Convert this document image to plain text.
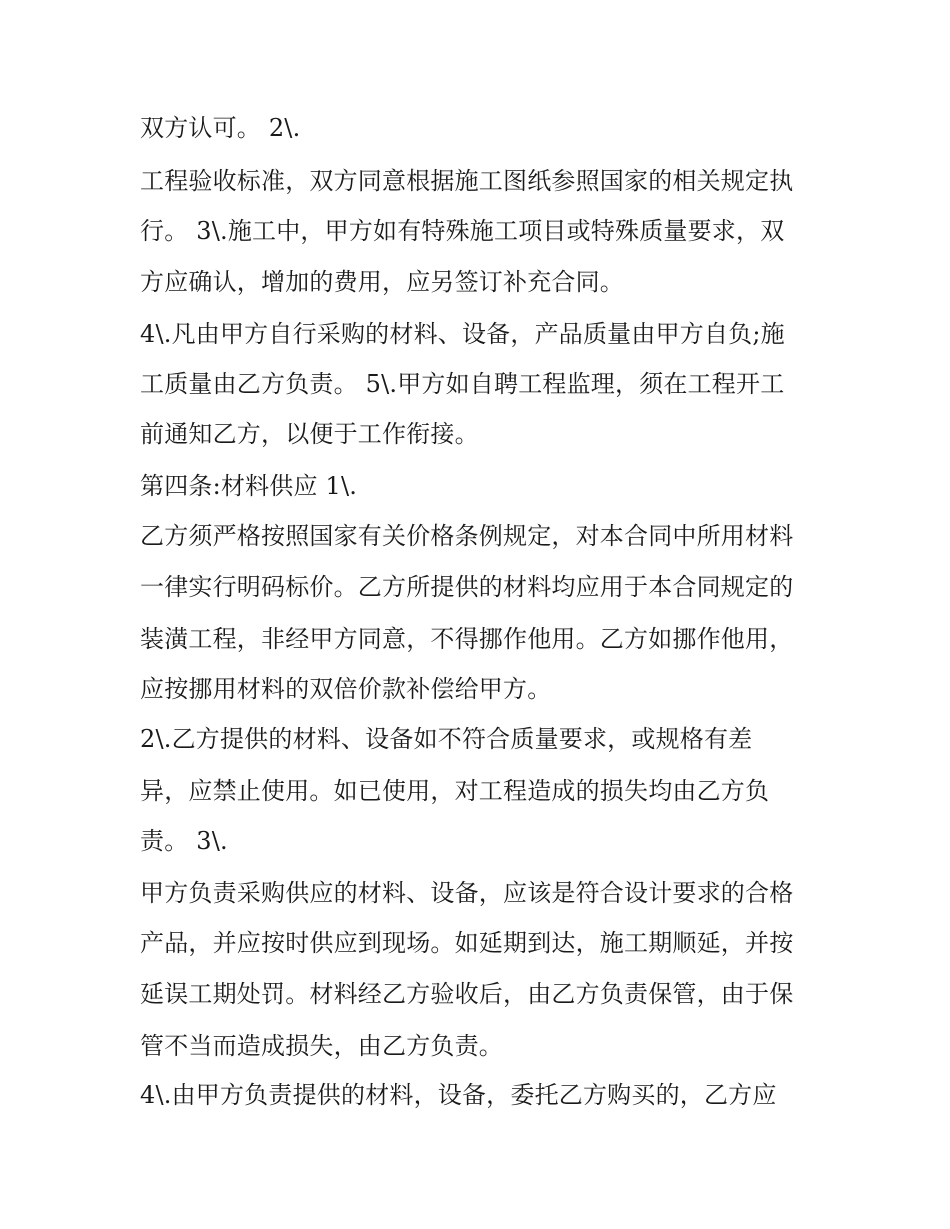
双方认可。 2\.
工程验收标准，双方同意根据施工图纸参照国家的相关规定执
行。 3\.施工中，甲方如有特殊施工项目或特殊质量要求，双
方应确认，增加的费用，应另签订补充合同。
4\.凡由甲方自行采购的材料、设备，产品质量由甲方自负;施
工质量由乙方负责。 5\.甲方如自聘工程监理，须在工程开工
前通知乙方，以便于工作衔接。
第四条:材料供应 1\.
乙方须严格按照国家有关价格条例规定，对本合同中所用材料
一律实行明码标价。乙方所提供的材料均应用于本合同规定的
装潢工程，非经甲方同意，不得挪作他用。乙方如挪作他用，
应按挪用材料的双倍价款补偿给甲方。
2\.乙方提供的材料、设备如不符合质量要求，或规格有差
异，应禁止使用。如已使用，对工程造成的损失均由乙方负
责。 3\.
甲方负责采购供应的材料、设备，应该是符合设计要求的合格
产品，并应按时供应到现场。如延期到达，施工期顺延，并按
延误工期处罚。材料经乙方验收后，由乙方负责保管，由于保
管不当而造成损失，由乙方负责。
4\.由甲方负责提供的材料，设备，委托乙方购买的，乙方应
